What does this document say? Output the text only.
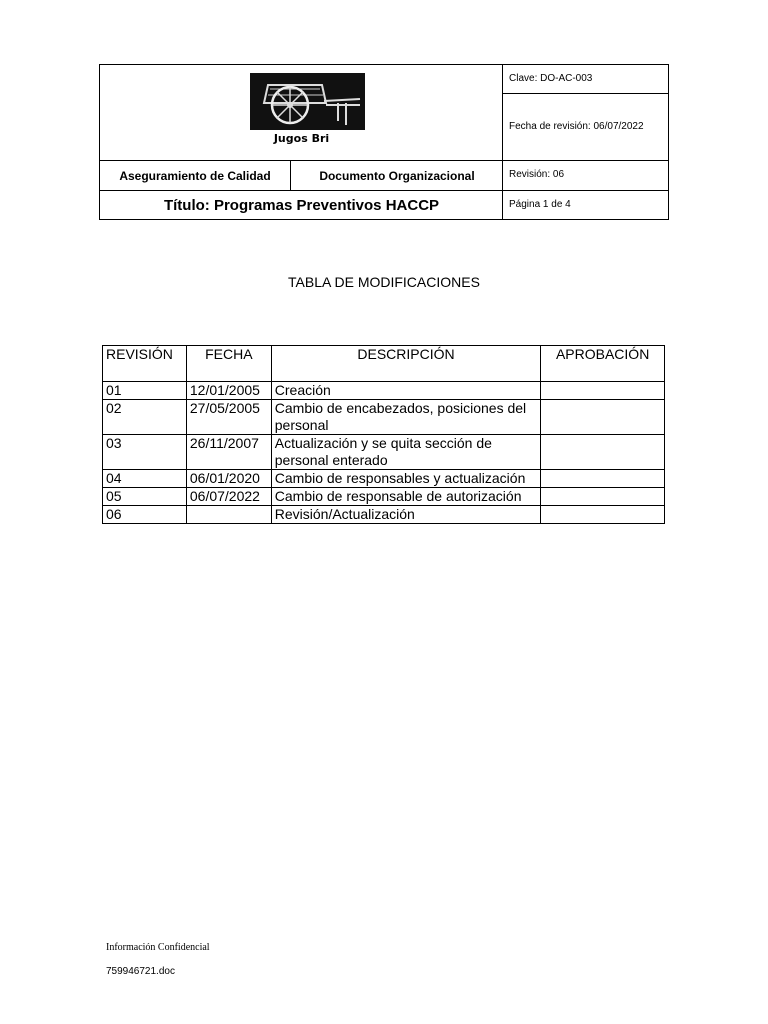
Jugos Bri
Clave: DO-AC-003
Fecha de revisión: 06/07/2022
Aseguramiento de Calidad	Documento Organizacional	Revisión: 06
Título: Programas Preventivos HACCP	Página 1 de 4
TABLA DE MODIFICACIONES
REVISIÓN	FECHA	DESCRIPCIÓN	APROBACIÓN
01	12/01/2005	Creación	
02	27/05/2005	Cambio de encabezados, posiciones del personal	
03	26/11/2007	Actualización y se quita sección de personal enterado	
04	06/01/2020	Cambio de responsables y actualización	
05	06/07/2022	Cambio de responsable de autorización	
06		Revisión/Actualización	
Información Confidencial
759946721.doc
